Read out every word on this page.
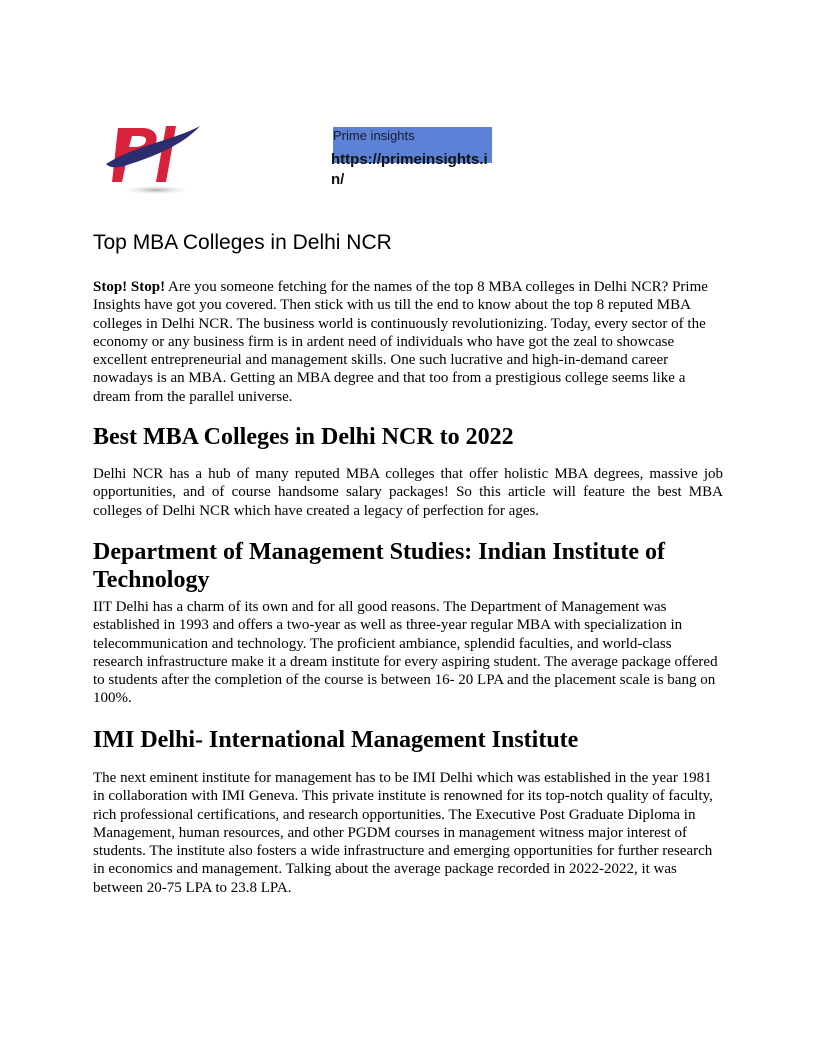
Prime insights
https://primeinsights.in/
Top MBA Colleges in Delhi NCR

Stop! Stop! Are you someone fetching for the names of the top 8 MBA colleges in Delhi NCR? Prime Insights have got you covered. Then stick with us till the end to know about the top 8 reputed MBA colleges in Delhi NCR. The business world is continuously revolutionizing. Today, every sector of the economy or any business firm is in ardent need of individuals who have got the zeal to showcase excellent entrepreneurial and management skills. One such lucrative and high-in-demand career nowadays is an MBA. Getting an MBA degree and that too from a prestigious college seems like a dream from the parallel universe.

Best MBA Colleges in Delhi NCR to 2022

Delhi NCR has a hub of many reputed MBA colleges that offer holistic MBA degrees, massive job opportunities, and of course handsome salary packages! So this article will feature the best MBA colleges of Delhi NCR which have created a legacy of perfection for ages.

Department of Management Studies: Indian Institute of Technology

IIT Delhi has a charm of its own and for all good reasons. The Department of Management was established in 1993 and offers a two-year as well as three-year regular MBA with specialization in telecommunication and technology. The proficient ambiance, splendid faculties, and world-class research infrastructure make it a dream institute for every aspiring student. The average package offered to students after the completion of the course is between 16- 20 LPA and the placement scale is bang on 100%.

IMI Delhi- International Management Institute

The next eminent institute for management has to be IMI Delhi which was established in the year 1981 in collaboration with IMI Geneva. This private institute is renowned for its top-notch quality of faculty, rich professional certifications, and research opportunities. The Executive Post Graduate Diploma in Management, human resources, and other PGDM courses in management witness major interest of students. The institute also fosters a wide infrastructure and emerging opportunities for further research in economics and management. Talking about the average package recorded in 2022-2022, it was between 20-75 LPA to 23.8 LPA.
